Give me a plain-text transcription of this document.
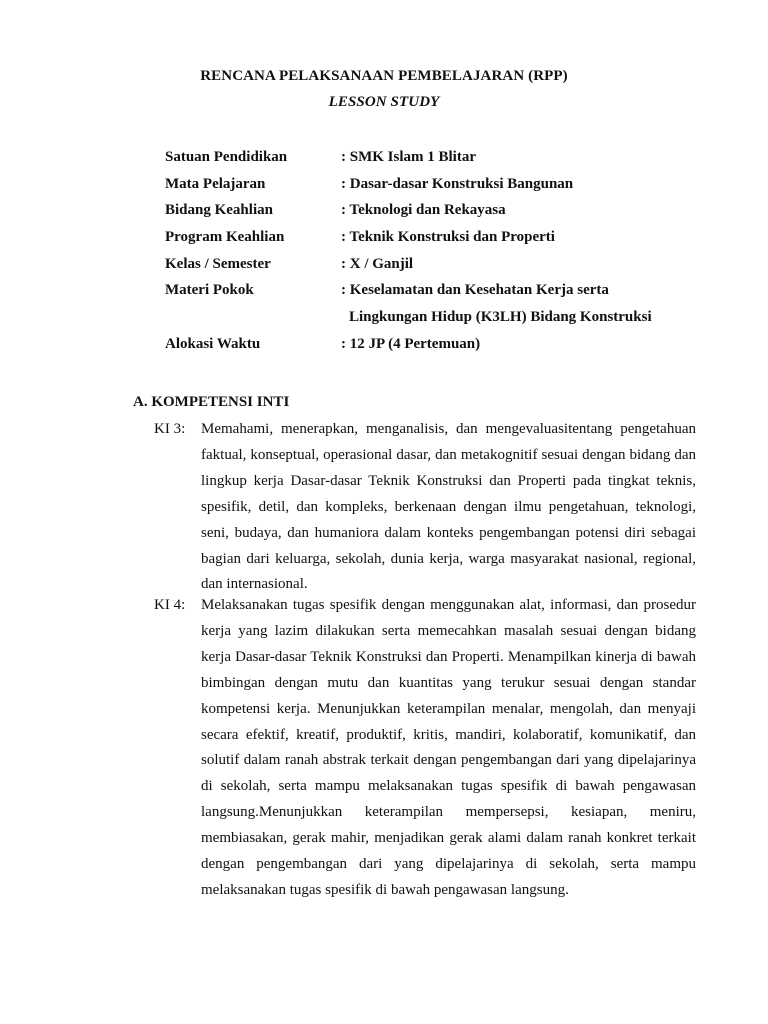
RENCANA PELAKSANAAN PEMBELAJARAN (RPP)
LESSON STUDY
Satuan Pendidikan	: SMK Islam 1 Blitar
Mata Pelajaran	: Dasar-dasar Konstruksi Bangunan
Bidang Keahlian	: Teknologi dan Rekayasa
Program Keahlian	: Teknik Konstruksi dan Properti
Kelas / Semester	: X / Ganjil
Materi Pokok	: Keselamatan dan Kesehatan Kerja serta
Lingkungan Hidup (K3LH) Bidang Konstruksi
Alokasi Waktu	: 12 JP (4 Pertemuan)
A. KOMPETENSI INTI
KI 3:	Memahami, menerapkan, menganalisis, dan mengevaluasitentang pengetahuan faktual, konseptual, operasional dasar, dan metakognitif sesuai dengan bidang dan lingkup kerja Dasar-dasar Teknik Konstruksi dan Properti pada tingkat teknis, spesifik, detil, dan kompleks, berkenaan dengan ilmu pengetahuan, teknologi, seni, budaya, dan humaniora dalam konteks pengembangan potensi diri sebagai bagian dari keluarga, sekolah, dunia kerja, warga masyarakat nasional, regional, dan internasional.
KI 4:	Melaksanakan tugas spesifik dengan menggunakan alat, informasi, dan prosedur kerja yang lazim dilakukan serta memecahkan masalah sesuai dengan bidang kerja Dasar-dasar Teknik Konstruksi dan Properti. Menampilkan kinerja di bawah bimbingan dengan mutu dan kuantitas yang terukur sesuai dengan standar kompetensi kerja. Menunjukkan keterampilan menalar, mengolah, dan menyaji secara efektif, kreatif, produktif, kritis, mandiri, kolaboratif, komunikatif, dan solutif dalam ranah abstrak terkait dengan pengembangan dari yang dipelajarinya di sekolah, serta mampu melaksanakan tugas spesifik di bawah pengawasan langsung.Menunjukkan keterampilan mempersepsi, kesiapan, meniru, membiasakan, gerak mahir, menjadikan gerak alami dalam ranah konkret terkait dengan pengembangan dari yang dipelajarinya di sekolah, serta mampu melaksanakan tugas spesifik di bawah pengawasan langsung.
